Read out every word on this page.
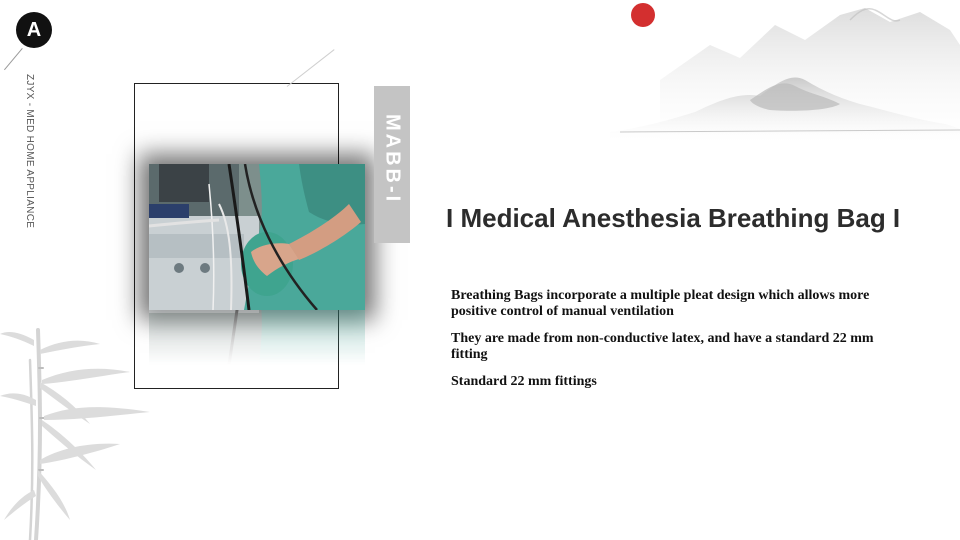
A
ZJYX - MED HOME APPLIANCE	MABB-I
I Medical Anesthesia Breathing Bag I

Breathing Bags incorporate a multiple pleat design which allows more positive control of manual ventilation

They are made from non-conductive latex, and have a standard 22 mm fitting

Standard 22 mm fittings
